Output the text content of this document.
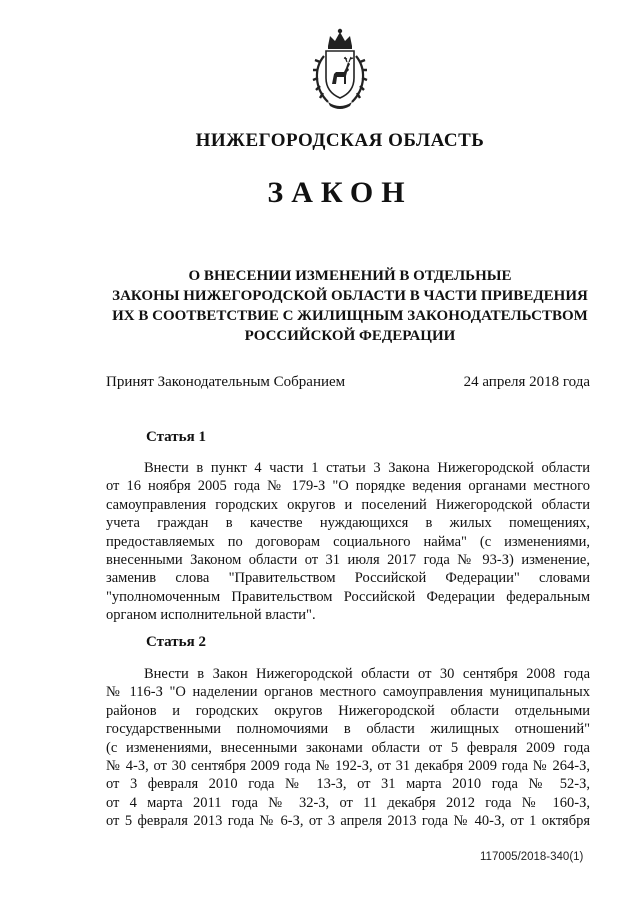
НИЖЕГОРОДСКАЯ ОБЛАСТЬ
ЗАКОН
О ВНЕСЕНИИ ИЗМЕНЕНИЙ В ОТДЕЛЬНЫЕ
ЗАКОНЫ НИЖЕГОРОДСКОЙ ОБЛАСТИ В ЧАСТИ ПРИВЕДЕНИЯ
ИХ В СООТВЕТСТВИЕ С ЖИЛИЩНЫМ ЗАКОНОДАТЕЛЬСТВОМ
РОССИЙСКОЙ ФЕДЕРАЦИИ
Принят Законодательным Собранием	24 апреля 2018 года
Статья 1
Внести в пункт 4 части 1 статьи 3 Закона Нижегородской области
от 16 ноября 2005 года № 179-З "О порядке ведения органами местного
самоуправления городских округов и поселений Нижегородской области
учета граждан в качестве нуждающихся в жилых помещениях,
предоставляемых по договорам социального найма" (с изменениями,
внесенными Законом области от 31 июля 2017 года № 93-З) изменение,
заменив слова "Правительством Российской Федерации" словами
"уполномоченным Правительством Российской Федерации федеральным
органом исполнительной власти".
Статья 2
Внести в Закон Нижегородской области от 30 сентября 2008 года
№ 116-З "О наделении органов местного самоуправления муниципальных
районов и городских округов Нижегородской области отдельными
государственными полномочиями в области жилищных отношений"
(с изменениями, внесенными законами области от 5 февраля 2009 года
№ 4-З, от 30 сентября 2009 года № 192-З, от 31 декабря 2009 года № 264-З,
от 3 февраля 2010 года № 13-З, от 31 марта 2010 года № 52-З,
от 4 марта 2011 года № 32-З, от 11 декабря 2012 года № 160-З,
от 5 февраля 2013 года № 6-З, от 3 апреля 2013 года № 40-З, от 1 октября
117005/2018-340(1)
